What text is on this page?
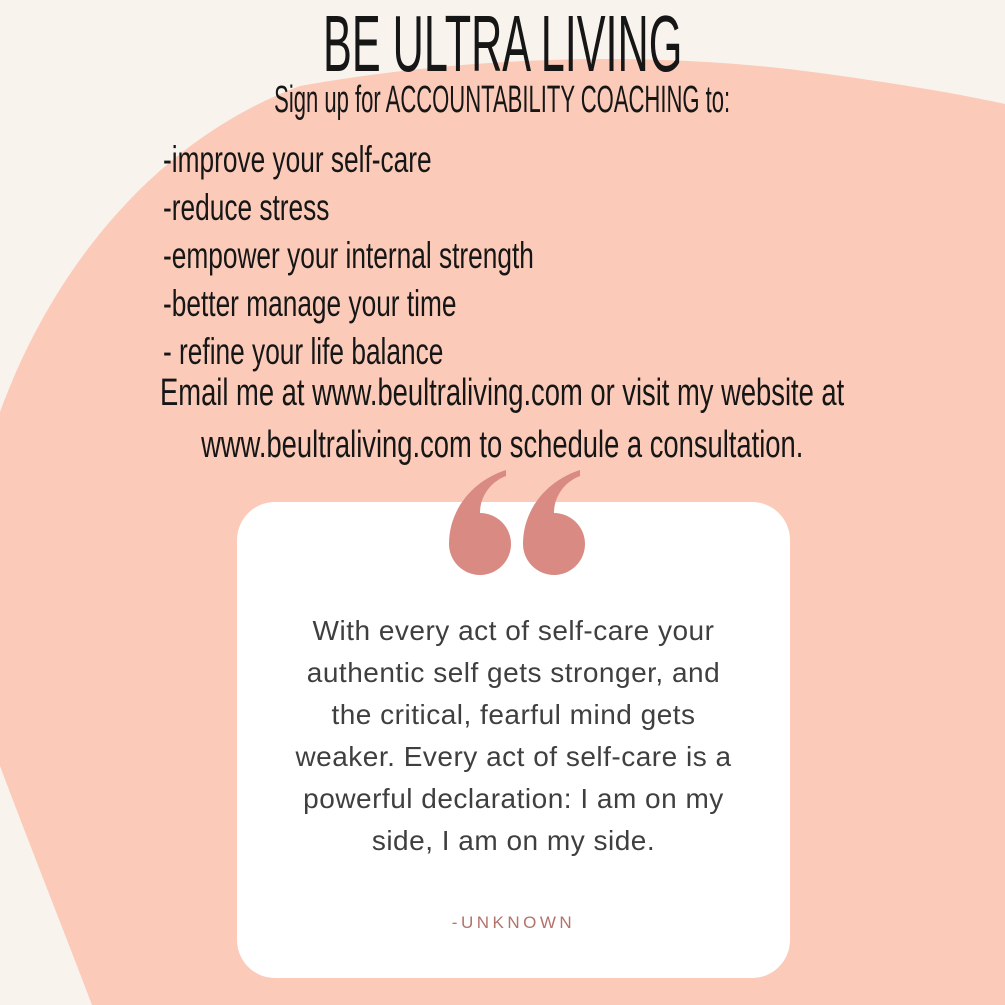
BE ULTRA LIVING
Sign up for ACCOUNTABILITY COACHING to:
-improve your self-care
-reduce stress
-empower your internal strength
-better manage your time
- refine your life balance
Email me at www.beultraliving.com or visit my website at
www.beultraliving.com to schedule a consultation.
With every act of self-care your
authentic self gets stronger, and
the critical, fearful mind gets
weaker. Every act of self-care is a
powerful declaration: I am on my
side, I am on my side.
-UNKNOWN
